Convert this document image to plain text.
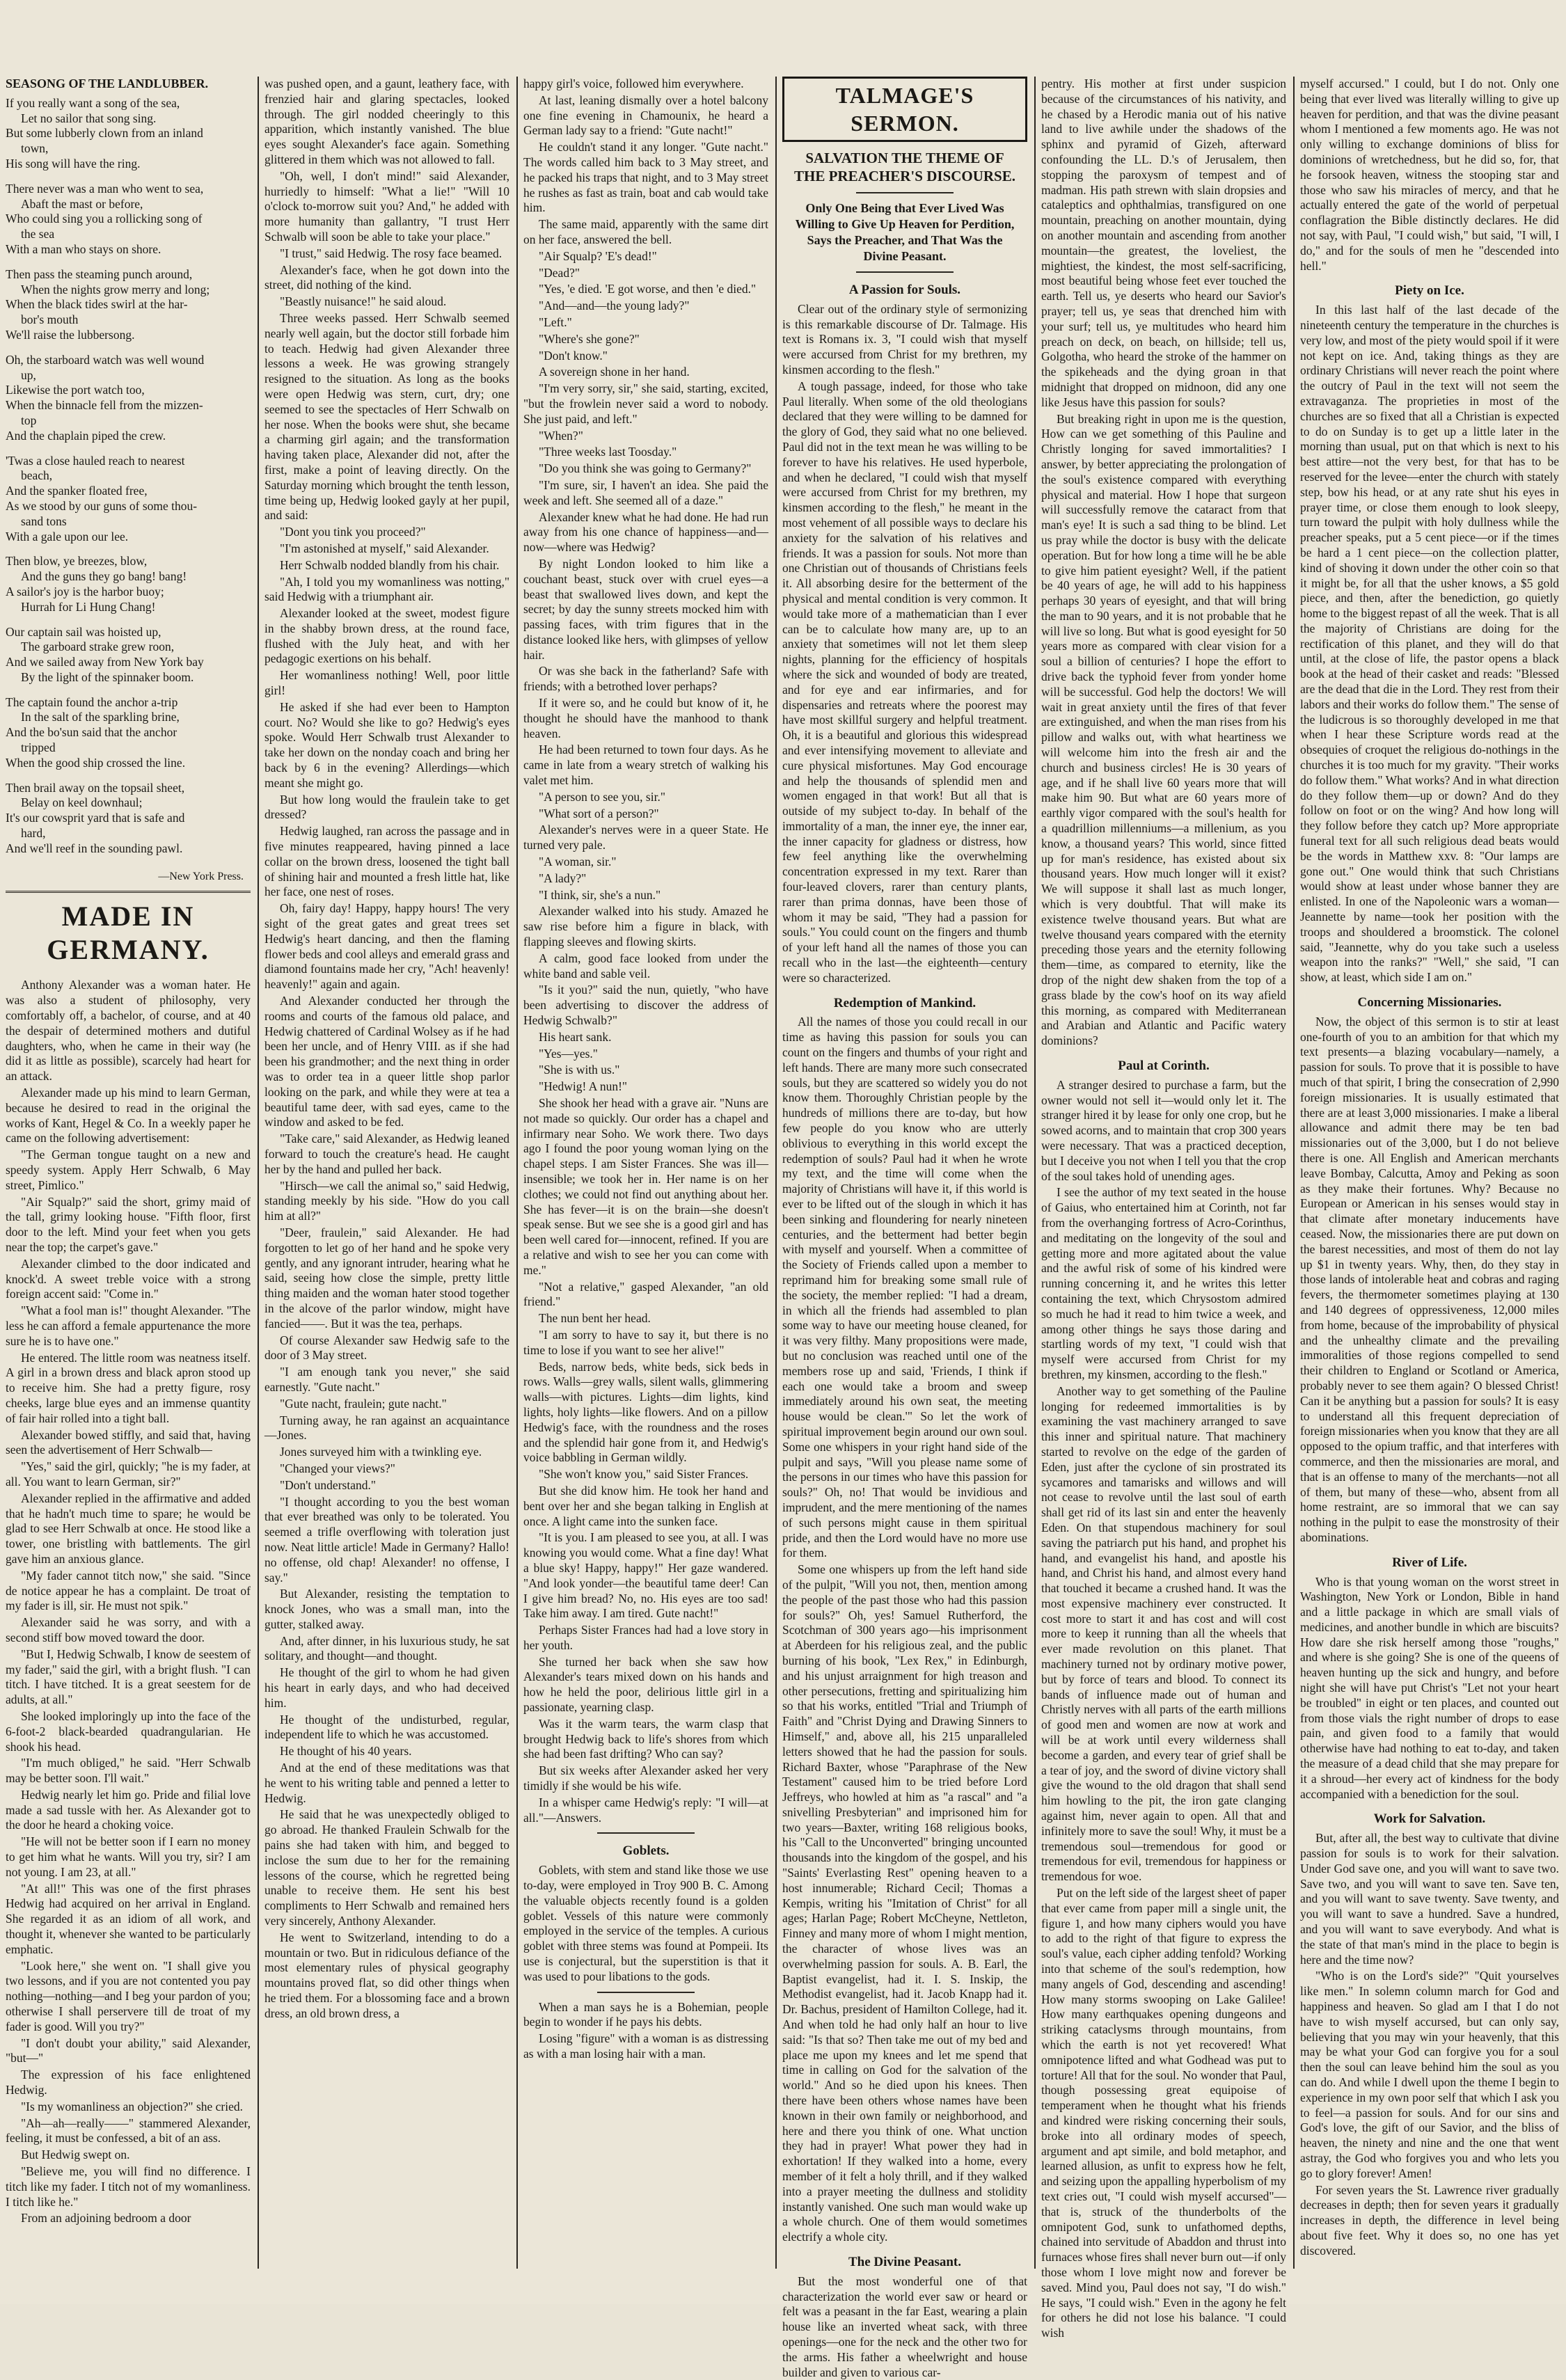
SEASONG OF THE LANDLUBBER.

If you really want a song of the sea,

Let no sailor that song sing.

But some lubberly clown from an inland

town,

His song will have the ring.

There never was a man who went to sea,

Abaft the mast or before,

Who could sing you a rollicking song of

the sea

With a man who stays on shore.

Then pass the steaming punch around,

When the nights grow merry and long;

When the black tides swirl at the har-

bor's mouth

We'll raise the lubbersong.

Oh, the starboard watch was well wound

up,

Likewise the port watch too,

When the binnacle fell from the mizzen-

top

And the chaplain piped the crew.

'Twas a close hauled reach to nearest

beach,

And the spanker floated free,

As we stood by our guns of some thou-

sand tons

With a gale upon our lee.

Then blow, ye breezes, blow,

And the guns they go bang! bang!

A sailor's joy is the harbor buoy;

Hurrah for Li Hung Chang!

Our captain sail was hoisted up,

The garboard strake grew roon,

And we sailed away from New York bay

By the light of the spinnaker boom.

The captain found the anchor a-trip

In the salt of the sparkling brine,

And the bo'sun said that the anchor

tripped

When the good ship crossed the line.

Then brail away on the topsail sheet,

Belay on keel downhaul;

It's our cowsprit yard that is safe and

hard,

And we'll reef in the sounding pawl.

—New York Press.
MADE IN GERMANY.

Anthony Alexander was a woman hater. He was also a student of philosophy, very comfortably off, a bachelor, of course, and at 40 the despair of determined mothers and dutiful daughters, who, when he came in their way (he did it as little as possible), scarcely had heart for an attack.

Alexander made up his mind to learn German, because he desired to read in the original the works of Kant, Hegel & Co. In a weekly paper he came on the following advertisement:

"The German tongue taught on a new and speedy system. Apply Herr Schwalb, 6 May street, Pimlico."

"Air Squalp?" said the short, grimy maid of the tall, grimy looking house. "Fifth floor, first door to the left. Mind your feet when you gets near the top; the carpet's gave."

Alexander climbed to the door indicated and knock'd. A sweet treble voice with a strong foreign accent said: "Come in."

"What a fool man is!" thought Alexander. "The less he can afford a female appurtenance the more sure he is to have one."

He entered. The little room was neatness itself. A girl in a brown dress and black apron stood up to receive him. She had a pretty figure, rosy cheeks, large blue eyes and an immense quantity of fair hair rolled into a tight ball.

Alexander bowed stiffly, and said that, having seen the advertisement of Herr Schwalb—

"Yes," said the girl, quickly; "he is my fader, at all. You want to learn German, sir?"

Alexander replied in the affirmative and added that he hadn't much time to spare; he would be glad to see Herr Schwalb at once. He stood like a tower, one bristling with battlements. The girl gave him an anxious glance.

"My fader cannot titch now," she said. "Since de notice appear he has a complaint. De troat of my fader is ill, sir. He must not spik."

Alexander said he was sorry, and with a second stiff bow moved toward the door.

"But I, Hedwig Schwalb, I know de seestem of my fader," said the girl, with a bright flush. "I can titch. I have titched. It is a great seestem for de adults, at all."

She looked imploringly up into the face of the 6-foot-2 black-bearded quadrangularian. He shook his head.

"I'm much obliged," he said. "Herr Schwalb may be better soon. I'll wait."

Hedwig nearly let him go. Pride and filial love made a sad tussle with her. As Alexander got to the door he heard a choking voice.

"He will not be better soon if I earn no money to get him what he wants. Will you try, sir? I am not young. I am 23, at all."

"At all!" This was one of the first phrases Hedwig had acquired on her arrival in England. She regarded it as an idiom of all work, and thought it, whenever she wanted to be particularly emphatic.

"Look here," she went on. "I shall give you two lessons, and if you are not contented you pay nothing—nothing—and I beg your pardon of you; otherwise I shall perservere till de troat of my fader is good. Will you try?"

"I don't doubt your ability," said Alexander, "but—"

The expression of his face enlightened Hedwig.

"Is my womanliness an objection?" she cried.

"Ah—ah—really——" stammered Alexander, feeling, it must be confessed, a bit of an ass.

But Hedwig swept on.

"Believe me, you will find no difference. I titch like my fader. I titch not of my womanliness. I titch like he."

From an adjoining bedroom a door

was pushed open, and a gaunt, leathery face, with frenzied hair and glaring spectacles, looked through. The girl nodded cheeringly to this apparition, which instantly vanished. The blue eyes sought Alexander's face again. Something glittered in them which was not allowed to fall.

"Oh, well, I don't mind!" said Alexander, hurriedly to himself: "What a lie!" "Will 10 o'clock to-morrow suit you? And," he added with more humanity than gallantry, "I trust Herr Schwalb will soon be able to take your place."

"I trust," said Hedwig. The rosy face beamed.

Alexander's face, when he got down into the street, did nothing of the kind.

"Beastly nuisance!" he said aloud.

Three weeks passed. Herr Schwalb seemed nearly well again, but the doctor still forbade him to teach. Hedwig had given Alexander three lessons a week. He was growing strangely resigned to the situation. As long as the books were open Hedwig was stern, curt, dry; one seemed to see the spectacles of Herr Schwalb on her nose. When the books were shut, she became a charming girl again; and the transformation having taken place, Alexander did not, after the first, make a point of leaving directly. On the Saturday morning which brought the tenth lesson, time being up, Hedwig looked gayly at her pupil, and said:

"Dont you tink you proceed?"

"I'm astonished at myself," said Alexander.

Herr Schwalb nodded blandly from his chair.

"Ah, I told you my womanliness was notting," said Hedwig with a triumphant air.

Alexander looked at the sweet, modest figure in the shabby brown dress, at the round face, flushed with the July heat, and with her pedagogic exertions on his behalf.

Her womanliness nothing! Well, poor little girl!

He asked if she had ever been to Hampton court. No? Would she like to go? Hedwig's eyes spoke. Would Herr Schwalb trust Alexander to take her down on the nonday coach and bring her back by 6 in the evening? Allerdings—which meant she might go.

But how long would the fraulein take to get dressed?

Hedwig laughed, ran across the passage and in five minutes reappeared, having pinned a lace collar on the brown dress, loosened the tight ball of shining hair and mounted a fresh little hat, like her face, one nest of roses.

Oh, fairy day! Happy, happy hours! The very sight of the great gates and great trees set Hedwig's heart dancing, and then the flaming flower beds and cool alleys and emerald grass and diamond fountains made her cry, "Ach! heavenly! heavenly!" again and again.

And Alexander conducted her through the rooms and courts of the famous old palace, and Hedwig chattered of Cardinal Wolsey as if he had been her uncle, and of Henry VIII. as if she had been his grandmother; and the next thing in order was to order tea in a queer little shop parlor looking on the park, and while they were at tea a beautiful tame deer, with sad eyes, came to the window and asked to be fed.

"Take care," said Alexander, as Hedwig leaned forward to touch the creature's head. He caught her by the hand and pulled her back.

"Hirsch—we call the animal so," said Hedwig, standing meekly by his side. "How do you call him at all?"

"Deer, fraulein," said Alexander. He had forgotten to let go of her hand and he spoke very gently, and any ignorant intruder, hearing what he said, seeing how close the simple, pretty little thing maiden and the woman hater stood together in the alcove of the parlor window, might have fancied——. But it was the tea, perhaps.

Of course Alexander saw Hedwig safe to the door of 3 May street.

"I am enough tank you never," she said earnestly. "Gute nacht."

"Gute nacht, fraulein; gute nacht."

Turning away, he ran against an acquaintance—Jones.

Jones surveyed him with a twinkling eye.

"Changed your views?"

"Don't understand."

"I thought according to you the best woman that ever breathed was only to be tolerated. You seemed a trifle overflowing with toleration just now. Neat little article! Made in Germany? Hallo! no offense, old chap! Alexander! no offense, I say."

But Alexander, resisting the temptation to knock Jones, who was a small man, into the gutter, stalked away.

And, after dinner, in his luxurious study, he sat solitary, and thought—and thought.

He thought of the girl to whom he had given his heart in early days, and who had deceived him.

He thought of the undisturbed, regular, independent life to which he was accustomed.

He thought of his 40 years.

And at the end of these meditations was that he went to his writing table and penned a letter to Hedwig.

He said that he was unexpectedly obliged to go abroad. He thanked Fraulein Schwalb for the pains she had taken with him, and begged to inclose the sum due to her for the remaining lessons of the course, which he regretted being unable to receive them. He sent his best compliments to Herr Schwalb and remained hers very sincerely, Anthony Alexander.

He went to Switzerland, intending to do a mountain or two. But in ridiculous defiance of the most elementary rules of physical geography mountains proved flat, so did other things when he tried them. For a blossoming face and a brown dress, an old brown dress, a

happy girl's voice, followed him everywhere.

At last, leaning dismally over a hotel balcony one fine evening in Chamounix, he heard a German lady say to a friend: "Gute nacht!"

He couldn't stand it any longer. "Gute nacht." The words called him back to 3 May street, and he packed his traps that night, and to 3 May street he rushes as fast as train, boat and cab would take him.

The same maid, apparently with the same dirt on her face, answered the bell.

"Air Squalp? 'E's dead!"

"Dead?"

"Yes, 'e died. 'E got worse, and then 'e died."

"And—and—the young lady?"

"Left."

"Where's she gone?"

"Don't know."

A sovereign shone in her hand.

"I'm very sorry, sir," she said, starting, excited, "but the frowlein never said a word to nobody. She just paid, and left."

"When?"

"Three weeks last Toosday."

"Do you think she was going to Germany?"

"I'm sure, sir, I haven't an idea. She paid the week and left. She seemed all of a daze."

Alexander knew what he had done. He had run away from his one chance of happiness—and—now—where was Hedwig?

By night London looked to him like a couchant beast, stuck over with cruel eyes—a beast that swallowed lives down, and kept the secret; by day the sunny streets mocked him with passing faces, with trim figures that in the distance looked like hers, with glimpses of yellow hair.

Or was she back in the fatherland? Safe with friends; with a betrothed lover perhaps?

If it were so, and he could but know of it, he thought he should have the manhood to thank heaven.

He had been returned to town four days. As he came in late from a weary stretch of walking his valet met him.

"A person to see you, sir."

"What sort of a person?"

Alexander's nerves were in a queer State. He turned very pale.

"A woman, sir."

"A lady?"

"I think, sir, she's a nun."

Alexander walked into his study. Amazed he saw rise before him a figure in black, with flapping sleeves and flowing skirts.

A calm, good face looked from under the white band and sable veil.

"Is it you?" said the nun, quietly, "who have been advertising to discover the address of Hedwig Schwalb?"

His heart sank.

"Yes—yes."

"She is with us."

"Hedwig! A nun!"

She shook her head with a grave air. "Nuns are not made so quickly. Our order has a chapel and infirmary near Soho. We work there. Two days ago I found the poor young woman lying on the chapel steps. I am Sister Frances. She was ill—insensible; we took her in. Her name is on her clothes; we could not find out anything about her. She has fever—it is on the brain—she doesn't speak sense. But we see she is a good girl and has been well cared for—innocent, refined. If you are a relative and wish to see her you can come with me."

"Not a relative," gasped Alexander, "an old friend."

The nun bent her head.

"I am sorry to have to say it, but there is no time to lose if you want to see her alive!"

Beds, narrow beds, white beds, sick beds in rows. Walls—grey walls, silent walls, glimmering walls—with pictures. Lights—dim lights, kind lights, holy lights—like flowers. And on a pillow Hedwig's face, with the roundness and the roses and the splendid hair gone from it, and Hedwig's voice babbling in German wildly.

"She won't know you," said Sister Frances.

But she did know him. He took her hand and bent over her and she began talking in English at once. A light came into the sunken face.

"It is you. I am pleased to see you, at all. I was knowing you would come. What a fine day! What a blue sky! Happy, happy!" Her gaze wandered. "And look yonder—the beautiful tame deer! Can I give him bread? No, no. His eyes are too sad! Take him away. I am tired. Gute nacht!"

Perhaps Sister Frances had had a love story in her youth.

She turned her back when she saw how Alexander's tears mixed down on his hands and how he held the poor, delirious little girl in a passionate, yearning clasp.

Was it the warm tears, the warm clasp that brought Hedwig back to life's shores from which she had been fast drifting? Who can say?

But six weeks after Alexander asked her very timidly if she would be his wife.

In a whisper came Hedwig's reply: "I will—at all."—Answers.

Goblets.

Goblets, with stem and stand like those we use to-day, were employed in Troy 900 B. C. Among the valuable objects recently found is a golden goblet. Vessels of this nature were commonly employed in the service of the temples. A curious goblet with three stems was found at Pompeii. Its use is conjectural, but the superstition is that it was used to pour libations to the gods.

When a man says he is a Bohemian, people begin to wonder if he pays his debts.

Losing "figure" with a woman is as distressing as with a man losing hair with a man.

TALMAGE'S SERMON.
SALVATION THE THEME OF THE PREACHER'S DISCOURSE.
Only One Being that Ever Lived Was Willing to Give Up Heaven for Perdition, Says the Preacher, and That Was the Divine Peasant.
A Passion for Souls.

Clear out of the ordinary style of sermonizing is this remarkable discourse of Dr. Talmage. His text is Romans ix. 3, "I could wish that myself were accursed from Christ for my brethren, my kinsmen according to the flesh."

A tough passage, indeed, for those who take Paul literally. When some of the old theologians declared that they were willing to be damned for the glory of God, they said what no one believed. Paul did not in the text mean he was willing to be forever to have his relatives. He used hyperbole, and when he declared, "I could wish that myself were accursed from Christ for my brethren, my kinsmen according to the flesh," he meant in the most vehement of all possible ways to declare his anxiety for the salvation of his relatives and friends. It was a passion for souls. Not more than one Christian out of thousands of Christians feels it. All absorbing desire for the betterment of the physical and mental condition is very common. It would take more of a mathematician than I ever can be to calculate how many are, up to an anxiety that sometimes will not let them sleep nights, planning for the efficiency of hospitals where the sick and wounded of body are treated, and for eye and ear infirmaries, and for dispensaries and retreats where the poorest may have most skillful surgery and helpful treatment. Oh, it is a beautiful and glorious this widespread and ever intensifying movement to alleviate and cure physical misfortunes. May God encourage and help the thousands of splendid men and women engaged in that work! But all that is outside of my subject to-day. In behalf of the immortality of a man, the inner eye, the inner ear, the inner capacity for gladness or distress, how few feel anything like the overwhelming concentration expressed in my text. Rarer than four-leaved clovers, rarer than century plants, rarer than prima donnas, have been those of whom it may be said, "They had a passion for souls." You could count on the fingers and thumb of your left hand all the names of those you can recall who in the last—the eighteenth—century were so characterized.

Redemption of Mankind.

All the names of those you could recall in our time as having this passion for souls you can count on the fingers and thumbs of your right and left hands. There are many more such consecrated souls, but they are scattered so widely you do not know them. Thoroughly Christian people by the hundreds of millions there are to-day, but how few people do you know who are utterly oblivious to everything in this world except the redemption of souls? Paul had it when he wrote my text, and the time will come when the majority of Christians will have it, if this world is ever to be lifted out of the slough in which it has been sinking and floundering for nearly nineteen centuries, and the betterment had better begin with myself and yourself. When a committee of the Society of Friends called upon a member to reprimand him for breaking some small rule of the society, the member replied: "I had a dream, in which all the friends had assembled to plan some way to have our meeting house cleaned, for it was very filthy. Many propositions were made, but no conclusion was reached until one of the members rose up and said, 'Friends, I think if each one would take a broom and sweep immediately around his own seat, the meeting house would be clean.'" So let the work of spiritual improvement begin around our own soul. Some one whispers in your right hand side of the pulpit and says, "Will you please name some of the persons in our times who have this passion for souls?" Oh, no! That would be invidious and imprudent, and the mere mentioning of the names of such persons might cause in them spiritual pride, and then the Lord would have no more use for them.

Some one whispers up from the left hand side of the pulpit, "Will you not, then, mention among the people of the past those who had this passion for souls?" Oh, yes! Samuel Rutherford, the Scotchman of 300 years ago—his imprisonment at Aberdeen for his religious zeal, and the public burning of his book, "Lex Rex," in Edinburgh, and his unjust arraignment for high treason and other persecutions, fretting and spiritualizing him so that his works, entitled "Trial and Triumph of Faith" and "Christ Dying and Drawing Sinners to Himself," and, above all, his 215 unparalleled letters showed that he had the passion for souls. Richard Baxter, whose "Paraphrase of the New Testament" caused him to be tried before Lord Jeffreys, who howled at him as "a rascal" and "a snivelling Presbyterian" and imprisoned him for two years—Baxter, writing 168 religious books, his "Call to the Unconverted" bringing uncounted thousands into the kingdom of the gospel, and his "Saints' Everlasting Rest" opening heaven to a host innumerable; Richard Cecil; Thomas a Kempis, writing his "Imitation of Christ" for all ages; Harlan Page; Robert McCheyne, Nettleton, Finney and many more of whom I might mention, the character of whose lives was an overwhelming passion for souls. A. B. Earl, the Baptist evangelist, had it. I. S. Inskip, the Methodist evangelist, had it. Jacob Knapp had it. Dr. Bachus, president of Hamilton College, had it. And when told he had only half an hour to live said: "Is that so? Then take me out of my bed and place me upon my knees and let me spend that time in calling on God for the salvation of the world." And so he died upon his knees. Then there have been others whose names have been known in their own family or neighborhood, and here and there you think of one. What unction they had in prayer! What power they had in exhortation! If they walked into a home, every member of it felt a holy thrill, and if they walked into a prayer meeting the dullness and stolidity instantly vanished. One such man would wake up a whole church. One of them would sometimes electrify a whole city.

The Divine Peasant.

But the most wonderful one of that characterization the world ever saw or heard or felt was a peasant in the far East, wearing a plain house like an inverted wheat sack, with three openings—one for the neck and the other two for the arms. His father a wheelwright and house builder and given to various car-

pentry. His mother at first under suspicion because of the circumstances of his nativity, and he chased by a Herodic mania out of his native land to live awhile under the shadows of the sphinx and pyramid of Gizeh, afterward confounding the LL. D.'s of Jerusalem, then stopping the paroxysm of tempest and of madman. His path strewn with slain dropsies and cataleptics and ophthalmias, transfigured on one mountain, preaching on another mountain, dying on another mountain and ascending from another mountain—the greatest, the loveliest, the mightiest, the kindest, the most self-sacrificing, most beautiful being whose feet ever touched the earth. Tell us, ye deserts who heard our Savior's prayer; tell us, ye seas that drenched him with your surf; tell us, ye multitudes who heard him preach on deck, on beach, on hillside; tell us, Golgotha, who heard the stroke of the hammer on the spikeheads and the dying groan in that midnight that dropped on midnoon, did any one like Jesus have this passion for souls?

But breaking right in upon me is the question, How can we get something of this Pauline and Christly longing for saved immortalities? I answer, by better appreciating the prolongation of the soul's existence compared with everything physical and material. How I hope that surgeon will successfully remove the cataract from that man's eye! It is such a sad thing to be blind. Let us pray while the doctor is busy with the delicate operation. But for how long a time will he be able to give him patient eyesight? Well, if the patient be 40 years of age, he will add to his happiness perhaps 30 years of eyesight, and that will bring the man to 90 years, and it is not probable that he will live so long. But what is good eyesight for 50 years more as compared with clear vision for a soul a billion of centuries? I hope the effort to drive back the typhoid fever from yonder home will be successful. God help the doctors! We will wait in great anxiety until the fires of that fever are extinguished, and when the man rises from his pillow and walks out, with what heartiness we will welcome him into the fresh air and the church and business circles! He is 30 years of age, and if he shall live 60 years more that will make him 90. But what are 60 years more of earthly vigor compared with the soul's health for a quadrillion millenniums—a millenium, as you know, a thousand years? This world, since fitted up for man's residence, has existed about six thousand years. How much longer will it exist? We will suppose it shall last as much longer, which is very doubtful. That will make its existence twelve thousand years. But what are twelve thousand years compared with the eternity preceding those years and the eternity following them—time, as compared to eternity, like the drop of the night dew shaken from the top of a grass blade by the cow's hoof on its way afield this morning, as compared with Mediterranean and Arabian and Atlantic and Pacific watery dominions?

Paul at Corinth.

A stranger desired to purchase a farm, but the owner would not sell it—would only let it. The stranger hired it by lease for only one crop, but he sowed acorns, and to maintain that crop 300 years were necessary. That was a practiced deception, but I deceive you not when I tell you that the crop of the soul takes hold of unending ages.

I see the author of my text seated in the house of Gaius, who entertained him at Corinth, not far from the overhanging fortress of Acro-Corinthus, and meditating on the longevity of the soul and getting more and more agitated about the value and the awful risk of some of his kindred were running concerning it, and he writes this letter containing the text, which Chrysostom admired so much he had it read to him twice a week, and among other things he says those daring and startling words of my text, "I could wish that myself were accursed from Christ for my brethren, my kinsmen, according to the flesh."

Another way to get something of the Pauline longing for redeemed immortalities is by examining the vast machinery arranged to save this inner and spiritual nature. That machinery started to revolve on the edge of the garden of Eden, just after the cyclone of sin prostrated its sycamores and tamarisks and willows and will not cease to revolve until the last soul of earth shall get rid of its last sin and enter the heavenly Eden. On that stupendous machinery for soul saving the patriarch put his hand, and prophet his hand, and evangelist his hand, and apostle his hand, and Christ his hand, and almost every hand that touched it became a crushed hand. It was the most expensive machinery ever constructed. It cost more to start it and has cost and will cost more to keep it running than all the wheels that ever made revolution on this planet. That machinery turned not by ordinary motive power, but by force of tears and blood. To connect its bands of influence made out of human and Christly nerves with all parts of the earth millions of good men and women are now at work and will be at work until every wilderness shall become a garden, and every tear of grief shall be a tear of joy, and the sword of divine victory shall give the wound to the old dragon that shall send him howling to the pit, the iron gate clanging against him, never again to open. All that and infinitely more to save the soul! Why, it must be a tremendous soul—tremendous for good or tremendous for evil, tremendous for happiness or tremendous for woe.

Put on the left side of the largest sheet of paper that ever came from paper mill a single unit, the figure 1, and how many ciphers would you have to add to the right of that figure to express the soul's value, each cipher adding tenfold? Working into that scheme of the soul's redemption, how many angels of God, descending and ascending! How many storms swooping on Lake Galilee! How many earthquakes opening dungeons and striking cataclysms through mountains, from which the earth is not yet recovered! What omnipotence lifted and what Godhead was put to torture! All that for the soul. No wonder that Paul, though possessing great equipoise of temperament when he thought what his friends and kindred were risking concerning their souls, broke into all ordinary modes of speech, argument and apt simile, and bold metaphor, and learned allusion, as unfit to express how he felt, and seizing upon the appalling hyperbolism of my text cries out, "I could wish myself accursed"—that is, struck of the thunderbolts of the omnipotent God, sunk to unfathomed depths, chained into servitude of Abaddon and thrust into furnaces whose fires shall never burn out—if only those whom I love might now and forever be saved. Mind you, Paul does not say, "I do wish." He says, "I could wish." Even in the agony he felt for others he did not lose his balance. "I could wish

myself accursed." I could, but I do not. Only one being that ever lived was literally willing to give up heaven for perdition, and that was the divine peasant whom I mentioned a few moments ago. He was not only willing to exchange dominions of bliss for dominions of wretchedness, but he did so, for, that he forsook heaven, witness the stooping star and those who saw his miracles of mercy, and that he actually entered the gate of the world of perpetual conflagration the Bible distinctly declares. He did not say, with Paul, "I could wish," but said, "I will, I do," and for the souls of men he "descended into hell."

Piety on Ice.

In this last half of the last decade of the nineteenth century the temperature in the churches is very low, and most of the piety would spoil if it were not kept on ice. And, taking things as they are ordinary Christians will never reach the point where the outcry of Paul in the text will not seem the extravaganza. The proprieties in most of the churches are so fixed that all a Christian is expected to do on Sunday is to get up a little later in the morning than usual, put on that which is next to his best attire—not the very best, for that has to be reserved for the levee—enter the church with stately step, bow his head, or at any rate shut his eyes in prayer time, or close them enough to look sleepy, turn toward the pulpit with holy dullness while the preacher speaks, put a 5 cent piece—or if the times be hard a 1 cent piece—on the collection platter, kind of shoving it down under the other coin so that it might be, for all that the usher knows, a $5 gold piece, and then, after the benediction, go quietly home to the biggest repast of all the week. That is all the majority of Christians are doing for the rectification of this planet, and they will do that until, at the close of life, the pastor opens a black book at the head of their casket and reads: "Blessed are the dead that die in the Lord. They rest from their labors and their works do follow them." The sense of the ludicrous is so thoroughly developed in me that when I hear these Scripture words read at the obsequies of croquet the religious do-nothings in the churches it is too much for my gravity. "Their works do follow them." What works? And in what direction do they follow them—up or down? And do they follow on foot or on the wing? And how long will they follow before they catch up? More appropriate funeral text for all such religious dead beats would be the words in Matthew xxv. 8: "Our lamps are gone out." One would think that such Christians would show at least under whose banner they are enlisted. In one of the Napoleonic wars a woman—Jeannette by name—took her position with the troops and shouldered a broomstick. The colonel said, "Jeannette, why do you take such a useless weapon into the ranks?" "Well," she said, "I can show, at least, which side I am on."

Concerning Missionaries.

Now, the object of this sermon is to stir at least one-fourth of you to an ambition for that which my text presents—a blazing vocabulary—namely, a passion for souls. To prove that it is possible to have much of that spirit, I bring the consecration of 2,990 foreign missionaries. It is usually estimated that there are at least 3,000 missionaries. I make a liberal allowance and admit there may be ten bad missionaries out of the 3,000, but I do not believe there is one. All English and American merchants leave Bombay, Calcutta, Amoy and Peking as soon as they make their fortunes. Why? Because no European or American in his senses would stay in that climate after monetary inducements have ceased. Now, the missionaries there are put down on the barest necessities, and most of them do not lay up $1 in twenty years. Why, then, do they stay in those lands of intolerable heat and cobras and raging fevers, the thermometer sometimes playing at 130 and 140 degrees of oppressiveness, 12,000 miles from home, because of the improbability of physical and the unhealthy climate and the prevailing immoralities of those regions compelled to send their children to England or Scotland or America, probably never to see them again? O blessed Christ! Can it be anything but a passion for souls? It is easy to understand all this frequent depreciation of foreign missionaries when you know that they are all opposed to the opium traffic, and that interferes with commerce, and then the missionaries are moral, and that is an offense to many of the merchants—not all of them, but many of these—who, absent from all home restraint, are so immoral that we can say nothing in the pulpit to ease the monstrosity of their abominations.

River of Life.

Who is that young woman on the worst street in Washington, New York or London, Bible in hand and a little package in which are small vials of medicines, and another bundle in which are biscuits? How dare she risk herself among those "roughs," and where is she going? She is one of the queens of heaven hunting up the sick and hungry, and before night she will have put Christ's "Let not your heart be troubled" in eight or ten places, and counted out from those vials the right number of drops to ease pain, and given food to a family that would otherwise have had nothing to eat to-day, and taken the measure of a dead child that she may prepare for it a shroud—her every act of kindness for the body accompanied with a benediction for the soul.

Work for Salvation.

But, after all, the best way to cultivate that divine passion for souls is to work for their salvation. Under God save one, and you will want to save two. Save two, and you will want to save ten. Save ten, and you will want to save twenty. Save twenty, and you will want to save a hundred. Save a hundred, and you will want to save everybody. And what is the state of that man's mind in the place to begin is here and the time now?

"Who is on the Lord's side?" "Quit yourselves like men." In solemn column march for God and happiness and heaven. So glad am I that I do not have to wish myself accursed, but can only say, believing that you may win your heavenly, that this may be what your God can forgive you for a soul then the soul can leave behind him the soul as you can do. And while I dwell upon the theme I begin to experience in my own poor self that which I ask you to feel—a passion for souls. And for our sins and God's love, the gift of our Savior, and the bliss of heaven, the ninety and nine and the one that went astray, the God who forgives you and who lets you go to glory forever! Amen!

For seven years the St. Lawrence river gradually decreases in depth; then for seven years it gradually increases in depth, the difference in level being about five feet. Why it does so, no one has yet discovered.
